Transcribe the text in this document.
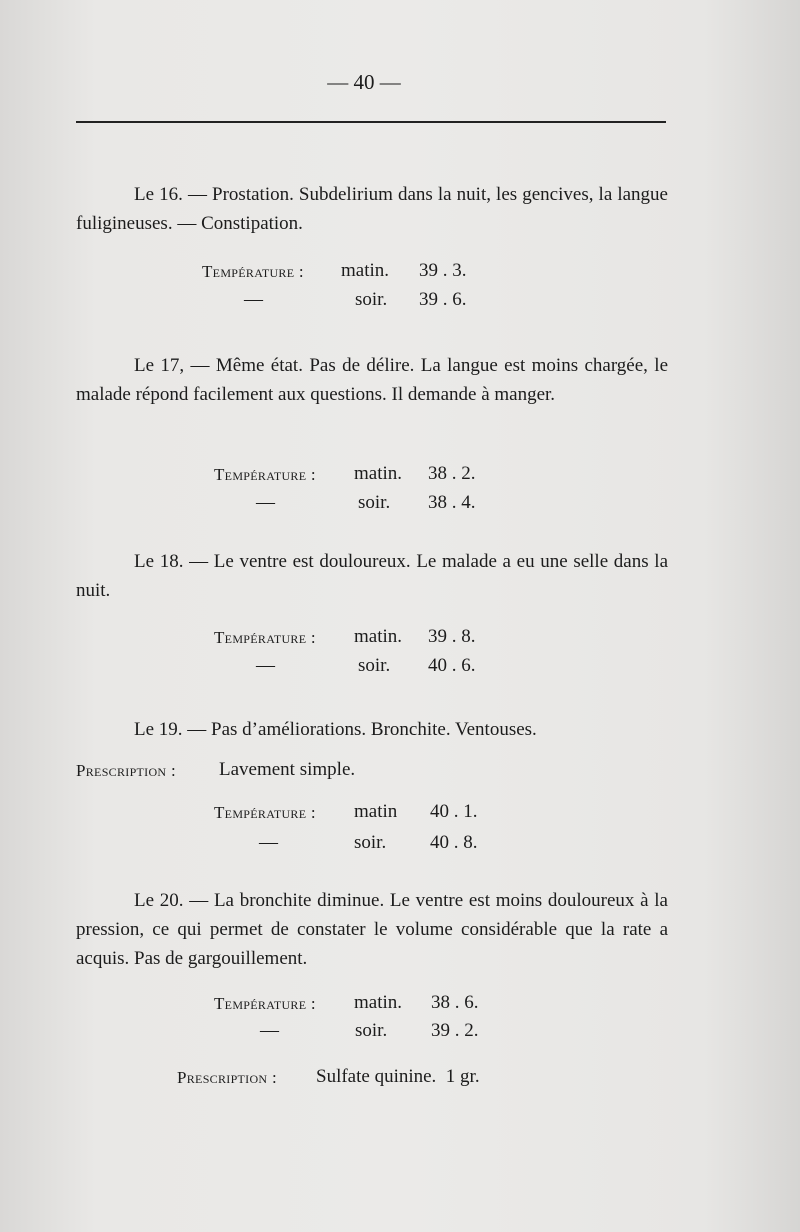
— 40 —
Le 16. — Prostation. Subdelirium dans la nuit, les gencives, la langue fuligineuses. — Constipation.
Température : matin. 39 . 3.
—	soir. 39 . 6.
Le 17, — Même état. Pas de délire. La langue est moins chargée, le malade répond facilement aux questions. Il demande à manger.
Température : matin. 38 . 2.
—	soir. 38 . 4.
Le 18. — Le ventre est douloureux. Le malade a eu une selle dans la nuit.
Température : matin. 39 . 8.
—	soir. 40 . 6.
Le 19. — Pas d’améliorations. Bronchite. Ventouses.
Prescription : Lavement simple.
Température : matin 40 . 1.
—	soir. 40 . 8.
Le 20. — La bronchite diminue. Le ventre est moins douloureux à la pression, ce qui permet de constater le volume considérable que la rate a acquis. Pas de gargouillement.
Température : matin. 38 . 6.
—	soir. 39 . 2.
Prescription : Sulfate quinine.  1 gr.
